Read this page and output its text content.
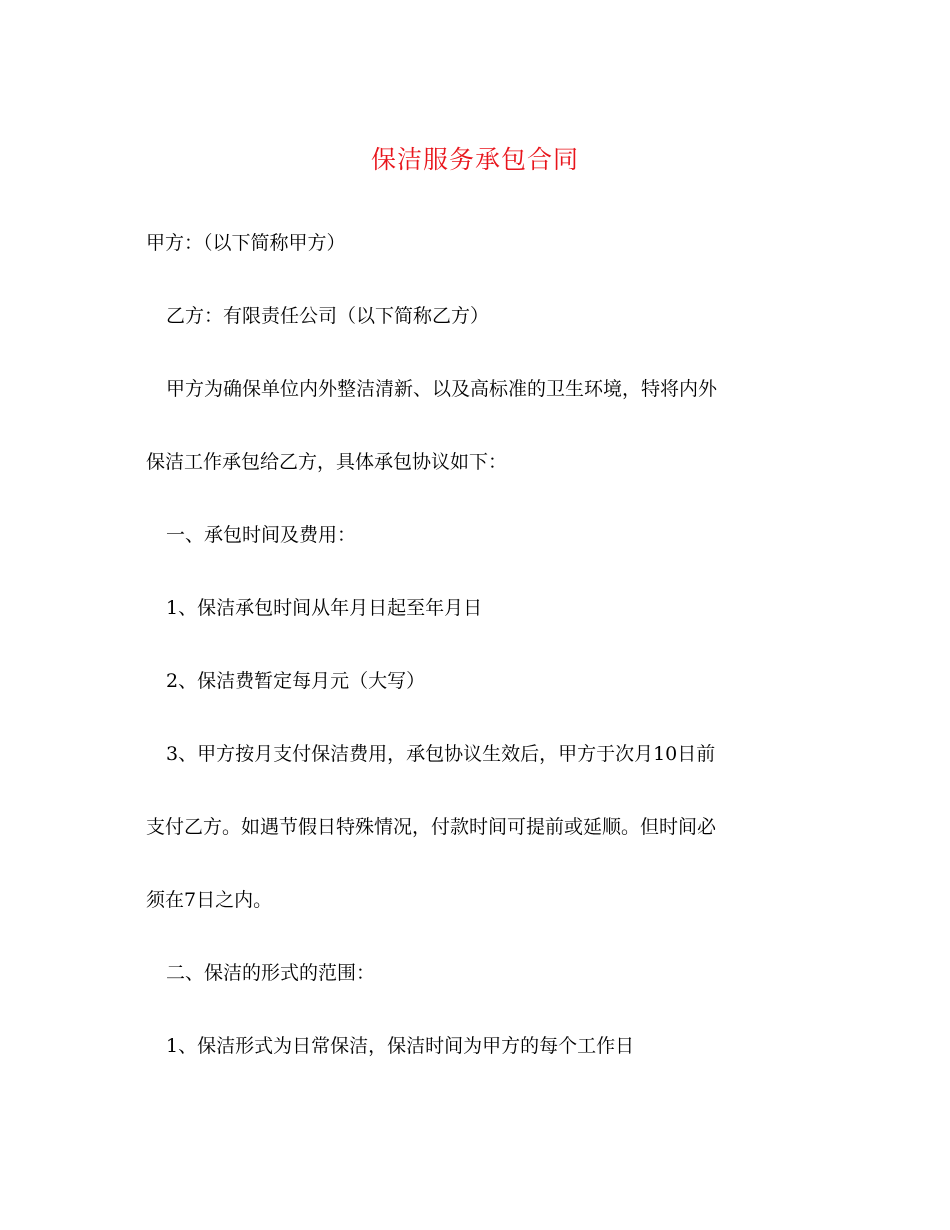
保洁服务承包合同
甲方：（以下简称甲方）
乙方：有限责任公司（以下简称乙方）
甲方为确保单位内外整洁清新、以及高标准的卫生环境，特将内外
保洁工作承包给乙方，具体承包协议如下：
一、承包时间及费用：
1、保洁承包时间从年月日起至年月日
2、保洁费暂定每月元（大写）
3、甲方按月支付保洁费用，承包协议生效后，甲方于次月10日前
支付乙方。如遇节假日特殊情况，付款时间可提前或延顺。但时间必
须在7日之内。
二、保洁的形式的范围：
1、保洁形式为日常保洁，保洁时间为甲方的每个工作日
